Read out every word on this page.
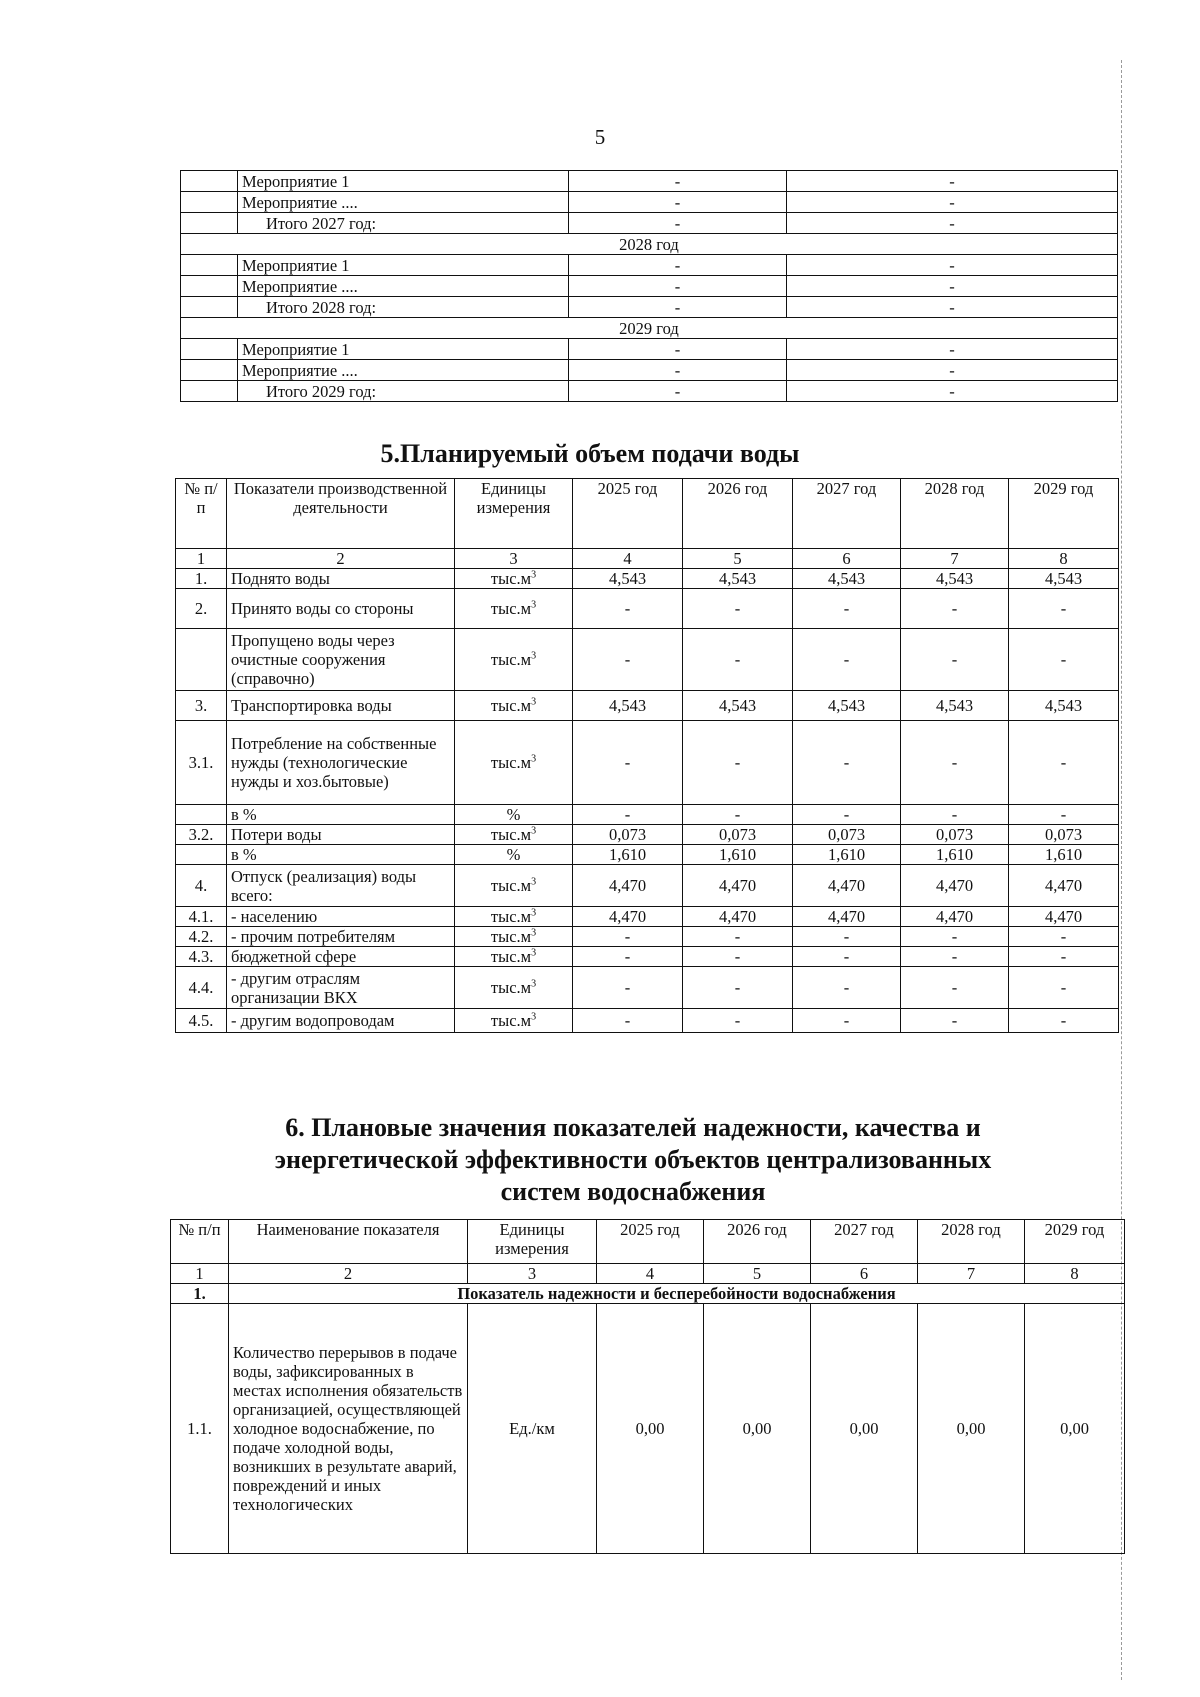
5
	Мероприятие 1	-	-
	Мероприятие ....	-	-
	Итого 2027 год:	-	-
2028 год			
	Мероприятие 1	-	-
	Мероприятие ....	-	-
	Итого 2028 год:	-	-
2029 год			
	Мероприятие 1	-	-
	Мероприятие ....	-	-
	Итого 2029 год:	-	-
5.Планируемый объем подачи воды
№ п/п	Показатели производственной деятельности	Единицы измерения	2025 год	2026 год	2027 год	2028 год	2029 год
1	2	3	4	5	6	7	8
1.	Поднято воды	$тыс.м^3$	4,543	4,543	4,543	4,543	4,543
2.	Принято воды со стороны	$тыс.м^3$	-	-	-	-	-
	Пропущено воды через очистные сооружения (справочно)	$тыс.м^3$	-	-	-	-	-
3.	Транспортировка воды	$тыс.м^3$	4,543	4,543	4,543	4,543	4,543
3.1.	Потребление на собственные нужды (технологические нужды и хоз.бытовые)	$тыс.м^3$	-	-	-	-	-
	в %	%	-	-	-	-	-
3.2.	Потери воды	$тыс.м^3$	0,073	0,073	0,073	0,073	0,073
	в %	%	1,610	1,610	1,610	1,610	1,610
4.	Отпуск (реализация) воды всего:	$тыс.м^3$	4,470	4,470	4,470	4,470	4,470
4.1.	- населению	$тыс.м^3$	4,470	4,470	4,470	4,470	4,470
4.2.	- прочим потребителям	$тыс.м^3$	-	-	-	-	-
4.3.	бюджетной сфере	$тыс.м^3$	-	-	-	-	-
4.4.	- другим отраслям организации ВКХ	$тыс.м^3$	-	-	-	-	-
4.5.	- другим водопроводам	$тыс.м^3$	-	-	-	-	-
6. Плановые значения показателей надежности, качества и энергетической эффективности объектов централизованных систем водоснабжения
№ п/п	Наименование показателя	Единицы измерения	2025 год	2026 год	2027 год	2028 год	2029 год
1	2	3	4	5	6	7	8
1.	Показатель надежности и бесперебойности водоснабжения						
1.1.	Количество перерывов в подаче воды, зафиксированных в местах исполнения обязательств организацией, осуществляющей холодное водоснабжение, по подаче холодной воды, возникших в результате аварий, повреждений и иных технологических	Ед./км	0,00	0,00	0,00	0,00	0,00
